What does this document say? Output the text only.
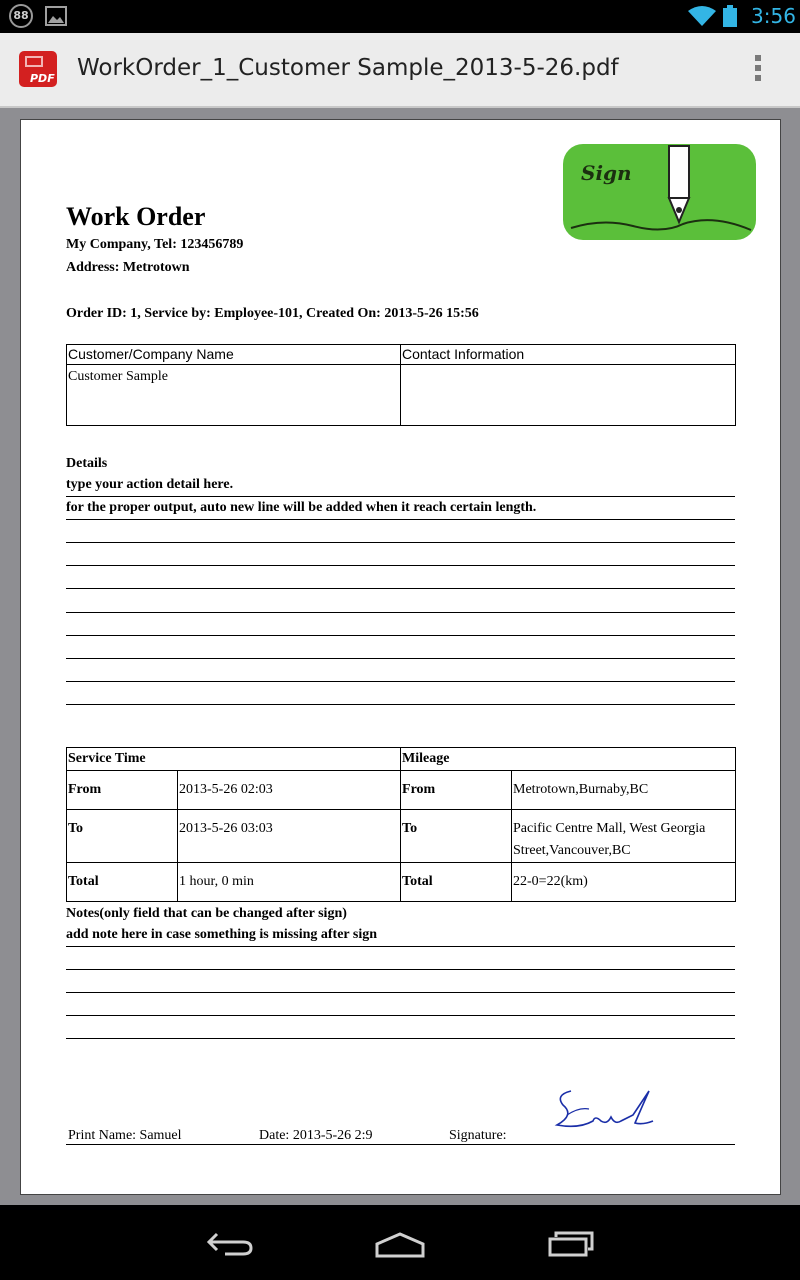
88	3:56
PDF WorkOrder_1_Customer Sample_2013-5-26.pdf
Sign
Work Order
My Company, Tel: 123456789
Address: Metrotown
Order ID: 1, Service by: Employee-101, Created On: 2013-5-26 15:56
Customer/Company Name	Contact Information
Customer Sample	
Details
type your action detail here.
for the proper output, auto new line will be added when it reach certain length.
Service Time		Mileage	
From	2013-5-26 02:03	From	Metrotown,Burnaby,BC
To	2013-5-26 03:03	To	Pacific Centre Mall, West Georgia Street,Vancouver,BC
Total	1 hour, 0 min	Total	22-0=22(km)
Notes(only field that can be changed after sign)
add note here in case something is missing after sign
Print Name: Samuel	Date: 2013-5-26 2:9	Signature:
